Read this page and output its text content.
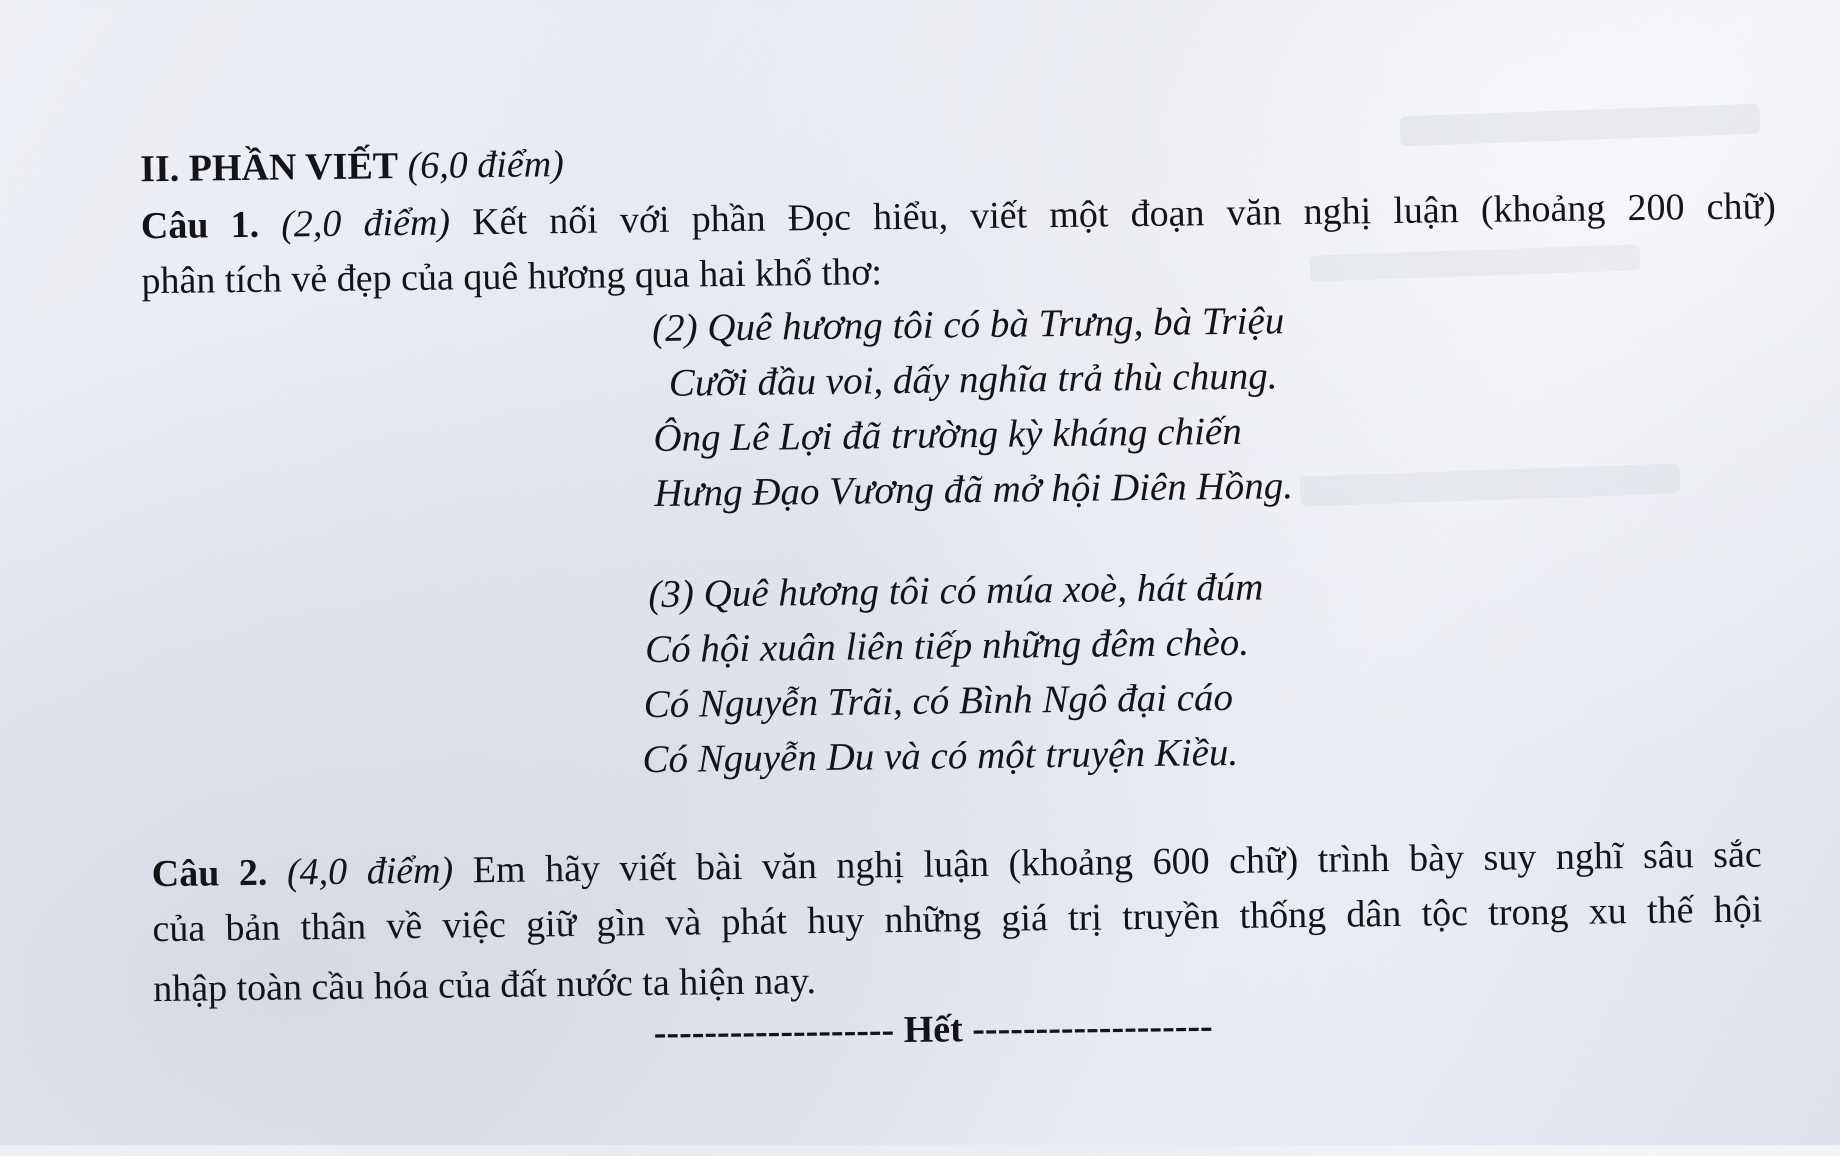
II. PHẦN VIẾT (6,0 điểm)
Câu 1. (2,0 điểm) Kết nối với phần Đọc hiểu, viết một đoạn văn nghị luận (khoảng 200 chữ)
phân tích vẻ đẹp của quê hương qua hai khổ thơ:
(2) Quê hương tôi có bà Trưng, bà Triệu
Cưỡi đầu voi, dấy nghĩa trả thù chung.
Ông Lê Lợi đã trường kỳ kháng chiến
Hưng Đạo Vương đã mở hội Diên Hồng.
(3) Quê hương tôi có múa xoè, hát đúm
Có hội xuân liên tiếp những đêm chèo.
Có Nguyễn Trãi, có Bình Ngô đại cáo
Có Nguyễn Du và có một truyện Kiều.
Câu 2. (4,0 điểm) Em hãy viết bài văn nghị luận (khoảng 600 chữ) trình bày suy nghĩ sâu sắc
của bản thân về việc giữ gìn và phát huy những giá trị truyền thống dân tộc trong xu thế hội
nhập toàn cầu hóa của đất nước ta hiện nay.
------------------- Hết -------------------
